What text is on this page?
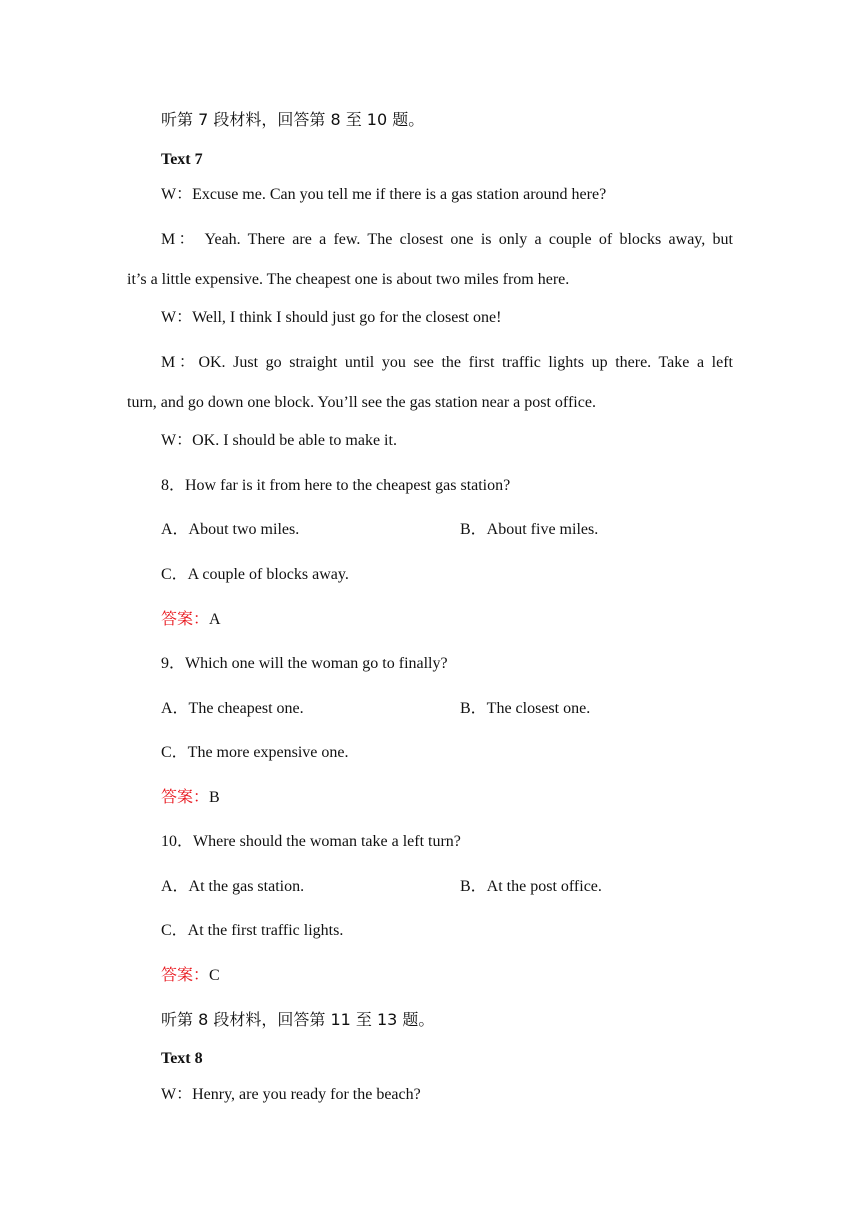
听第 7 段材料，回答第 8 至 10 题。
Text 7
W：Excuse me. Can you tell me if there is a gas station around here?
M： Yeah. There are a few. The closest one is only a couple of blocks away, but
it’s a little expensive. The cheapest one is about two miles from here.
W：Well, I think I should just go for the closest one!
M：OK. Just go straight until you see the first traffic lights up there. Take a left
turn, and go down one block. You’ll see the gas station near a post office.
W：OK. I should be able to make it.
8．How far is it from here to the cheapest gas station?
A．About two miles.	B．About five miles.
C．A couple of blocks away.
答案：A
9．Which one will the woman go to finally?
A．The cheapest one.	B．The closest one.
C．The more expensive one.
答案：B
10．Where should the woman take a left turn?
A．At the gas station.	B．At the post office.
C．At the first traffic lights.
答案：C
听第 8 段材料，回答第 11 至 13 题。
Text 8
W：Henry, are you ready for the beach?
